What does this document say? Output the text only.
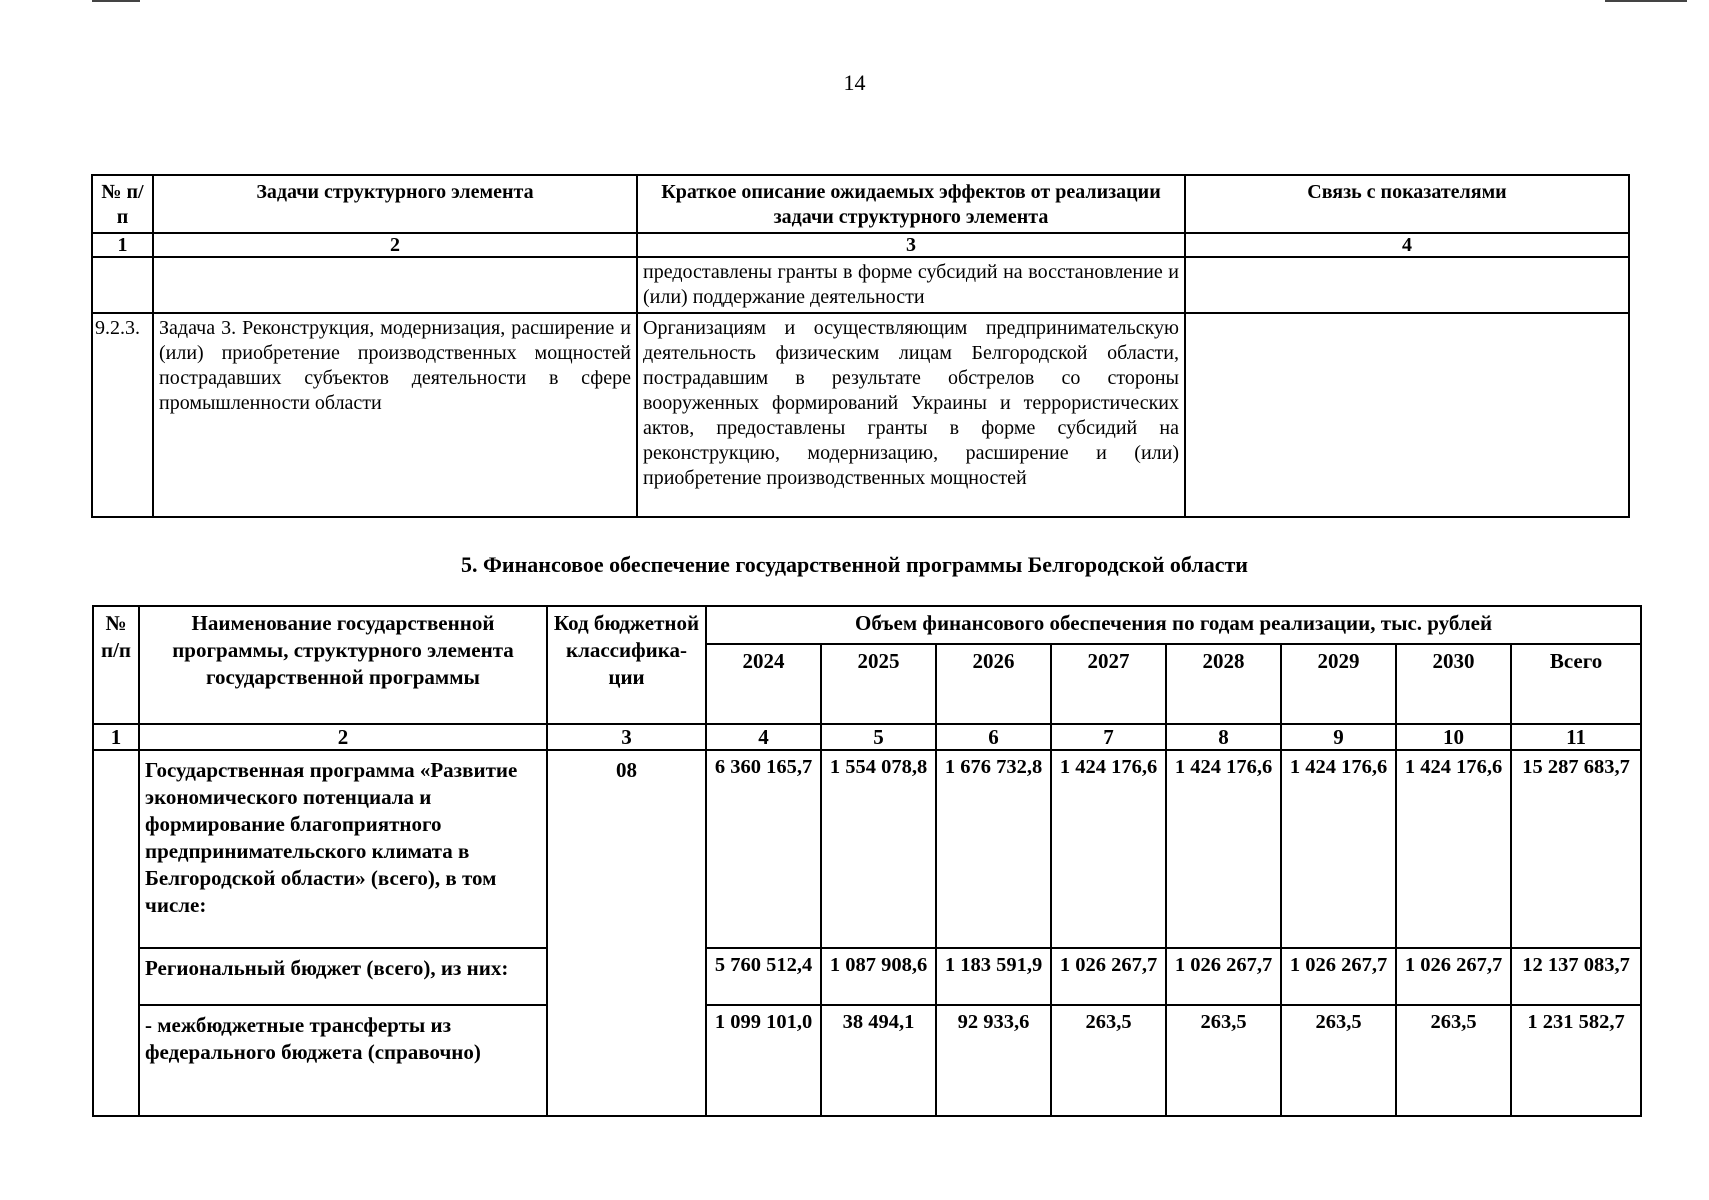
14
№ п/п	Задачи структурного элемента	Краткое описание ожидаемых эффектов от реализации задачи структурного элемента	Связь с показателями
1	2	3	4
		предоставлены гранты в форме субсидий на восстановление и (или) поддержание деятельности	
9.2.3.	Задача 3. Реконструкция, модернизация, расширение и (или) приобретение производственных мощностей пострадавших субъектов деятельности в сфере промышленности области	Организациям и осуществляющим предпринимательскую деятельность физическим лицам Белгородской области, пострадавшим в результате обстрелов со стороны вооруженных формирований Украины и террористических актов, предоставлены гранты в форме субсидий на реконструкцию, модернизацию, расширение и (или) приобретение производственных мощностей	
5. Финансовое обеспечение государственной программы Белгородской области
№ п/п	Наименование государственной программы, структурного элемента государственной программы	Код бюджетной классифика-ции	Объем финансового обеспечения по годам реализации, тыс. рублей							
			2024	2025	2026	2027	2028	2029	2030	Всего
1	2	3	4	5	6	7	8	9	10	11
	Государственная программа «Развитие экономического потенциала и формирование благоприятного предпринимательского климата в Белгородской области» (всего), в том числе:	08	6 360 165,7	1 554 078,8	1 676 732,8	1 424 176,6	1 424 176,6	1 424 176,6	1 424 176,6	15 287 683,7
	Региональный бюджет (всего), из них:		5 760 512,4	1 087 908,6	1 183 591,9	1 026 267,7	1 026 267,7	1 026 267,7	1 026 267,7	12 137 083,7
	- межбюджетные трансферты из федерального бюджета (справочно)		1 099 101,0	38 494,1	92 933,6	263,5	263,5	263,5	263,5	1 231 582,7
